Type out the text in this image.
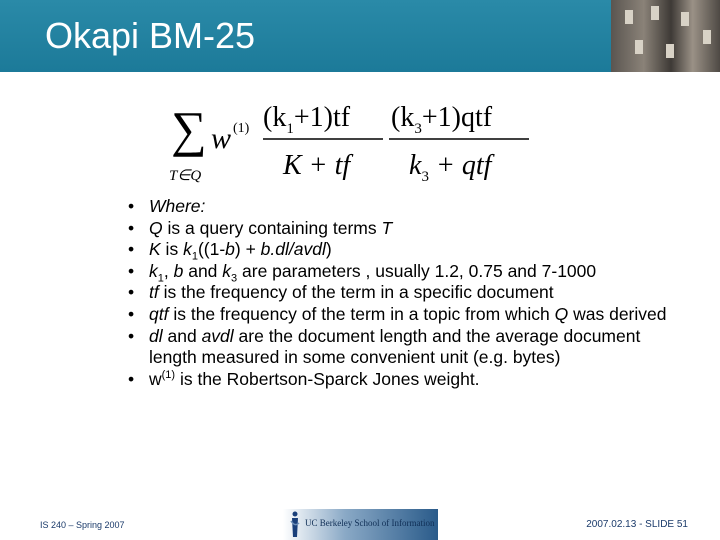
Okapi BM-25
∑
T∈Q
w (1) $(k_1+1)tf$
K + tf
$(k_3+1)qtf$
$k_3$ + qtf
• Where:
• Q is a query containing terms T
• K is $k_1((1-b)$ + b.dl/avdl)
• $k_1$, b and $k_3$ are parameters , usually 1.2, 0.75 and 7-1000
• tf is the frequency of the term in a specific document
• qtf is the frequency of the term in a topic from which Q was derived
• dl and avdl are the document length and the average document length measured in some convenient unit (e.g. bytes)
• $w^{(1)}$ is the Robertson-Sparck Jones weight.
IS 240 – Spring 2007	UC Berkeley School of Information	2007.02.13 - SLIDE 51
